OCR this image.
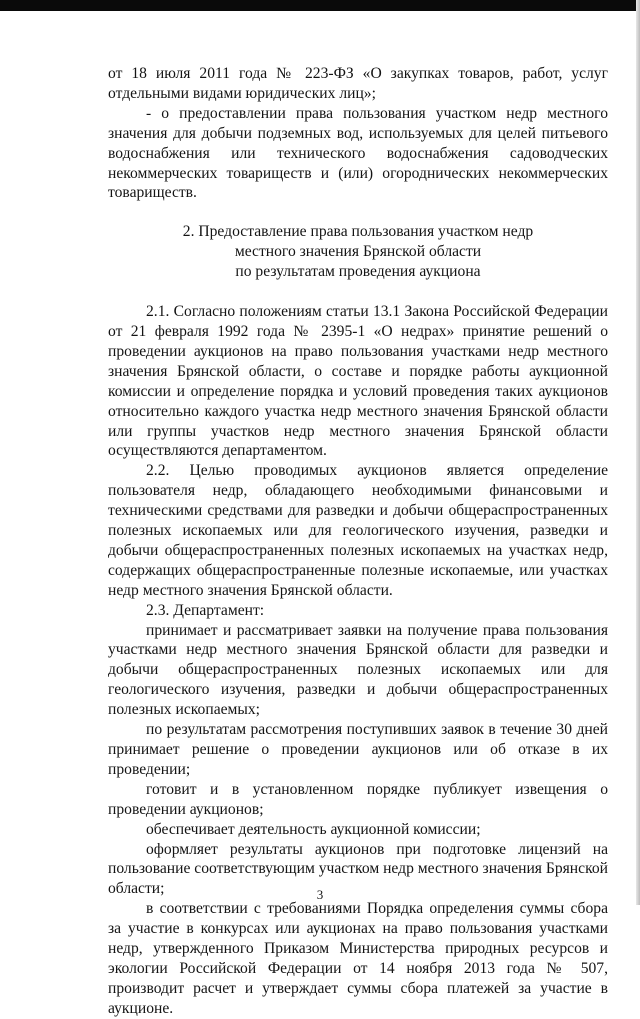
от 18 июля 2011 года № 223-ФЗ «О закупках товаров, работ, услуг отдельными видами юридических лиц»;

- о предоставлении права пользования участком недр местного значения для добычи подземных вод, используемых для целей питьевого водоснабжения или технического водоснабжения садоводческих некоммерческих товариществ и (или) огороднических некоммерческих товариществ.

2. Предоставление права пользования участком недр
местного значения Брянской области
по результатам проведения аукциона

2.1. Согласно положениям статьи 13.1 Закона Российской Федерации от 21 февраля 1992 года № 2395-1 «О недрах» принятие решений о проведении аукционов на право пользования участками недр местного значения Брянской области, о составе и порядке работы аукционной комиссии и определение порядка и условий проведения таких аукционов относительно каждого участка недр местного значения Брянской области или группы участков недр местного значения Брянской области осуществляются департаментом.

2.2. Целью проводимых аукционов является определение пользователя недр, обладающего необходимыми финансовыми и техническими средствами для разведки и добычи общераспространенных полезных ископаемых или для геологического изучения, разведки и добычи общераспространенных полезных ископаемых на участках недр, содержащих общераспространенные полезные ископаемые, или участках недр местного значения Брянской области.

2.3. Департамент:

принимает и рассматривает заявки на получение права пользования участками недр местного значения Брянской области для разведки и добычи общераспространенных полезных ископаемых или для геологического изучения, разведки и добычи общераспространенных полезных ископаемых;

по результатам рассмотрения поступивших заявок в течение 30 дней принимает решение о проведении аукционов или об отказе в их проведении;

готовит и в установленном порядке публикует извещения о проведении аукционов;

обеспечивает деятельность аукционной комиссии;

оформляет результаты аукционов при подготовке лицензий на пользование соответствующим участком недр местного значения Брянской области;

в соответствии с требованиями Порядка определения суммы сбора за участие в конкурсах или аукционах на право пользования участками недр, утвержденного Приказом Министерства природных ресурсов и экологии Российской Федерации от 14 ноября 2013 года № 507, производит расчет и утверждает суммы сбора платежей за участие в аукционе.

3
